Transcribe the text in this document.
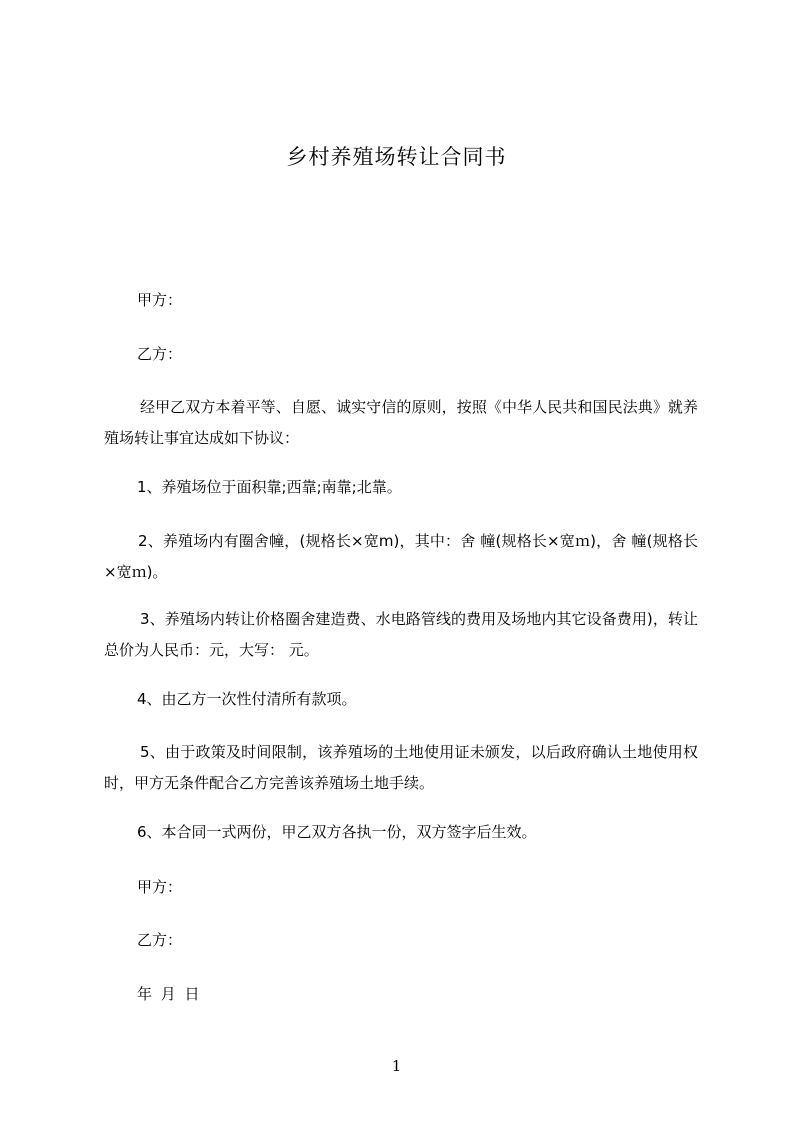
乡村养殖场转让合同书

甲方：

乙方：

经甲乙双方本着平等、自愿、诚实守信的原则，按照《中华人民共和国民法典》就养殖场转让事宜达成如下协议：

1、养殖场位于面积靠;西靠;南靠;北靠。

2、养殖场内有圈舍幢，(规格长×宽m)，其中：舍 幢(规格长×宽ｍ)，舍 幢(规格长×宽ｍ)。

3、养殖场内转让价格圈舍建造费、水电路管线的费用及场地内其它设备费用)，转让总价为人民币：元，大写： 元。

4、由乙方一次性付清所有款项。

5、由于政策及时间限制，该养殖场的土地使用证未颁发，以后政府确认土地使用权时，甲方无条件配合乙方完善该养殖场土地手续。

6、本合同一式两份，甲乙双方各执一份，双方签字后生效。

甲方：

乙方：

年 月 日

1
